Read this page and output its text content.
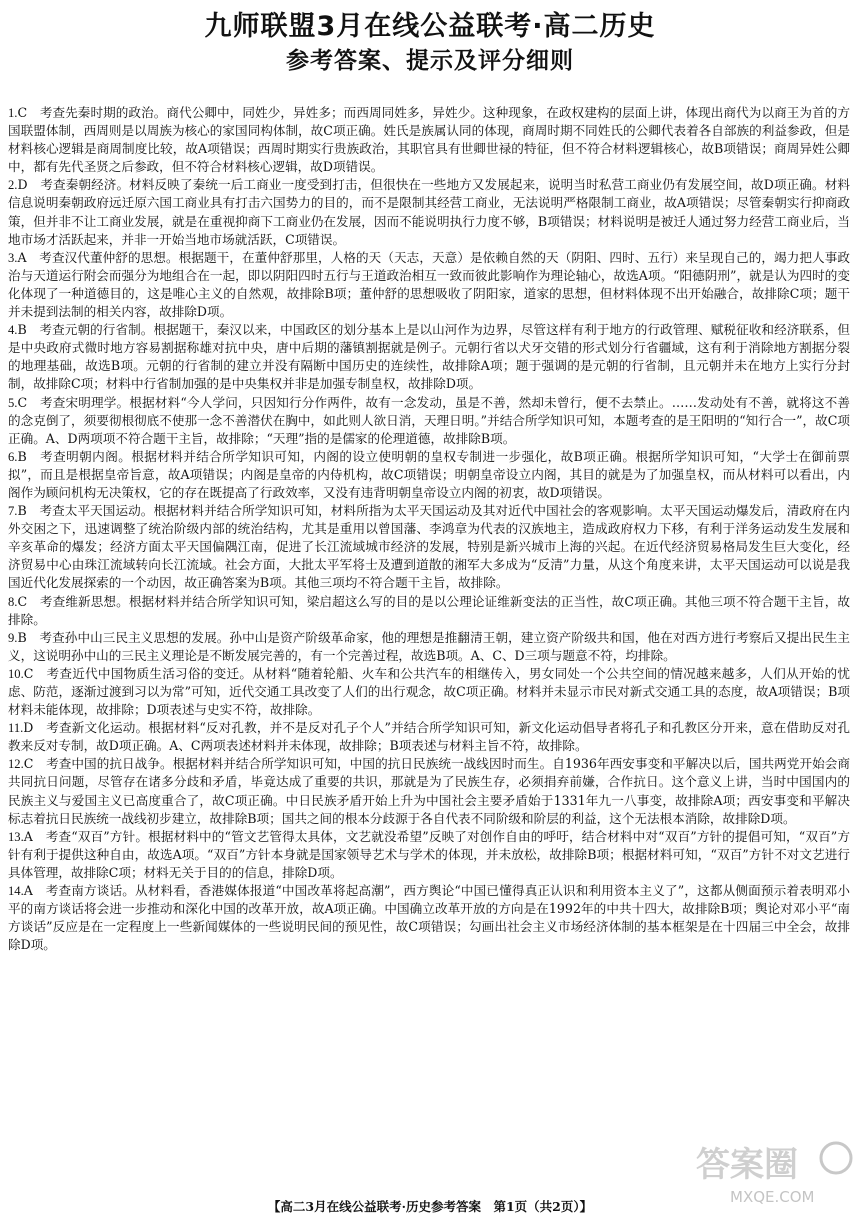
九师联盟3月在线公益联考·高二历史
参考答案、提示及评分细则

1.C　考查先秦时期的政治。商代公卿中，同姓少，异姓多；而西周同姓多，异姓少。这种现象，在政权建构的层面上讲，体现出商代为以商王为首的方国联盟体制，西周则是以周族为核心的家国同构体制，故C项正确。姓氏是族属认同的体现，商周时期不同姓氏的公卿代表着各自部族的利益参政，但是材料核心逻辑是商周制度比较，故A项错误；西周时期实行贵族政治，其职官具有世卿世禄的特征，但不符合材料逻辑核心，故B项错误；商周异姓公卿中，都有先代圣贤之后参政，但不符合材料核心逻辑，故D项错误。

2.D　考查秦朝经济。材料反映了秦统一后工商业一度受到打击，但很快在一些地方又发展起来，说明当时私营工商业仍有发展空间，故D项正确。材料信息说明秦朝政府远迁原六国工商业具有打击六国势力的目的，而不是限制其经营工商业，无法说明严格限制工商业，故A项错误；尽管秦朝实行抑商政策，但并非不让工商业发展，就是在重视抑商下工商业仍在发展，因而不能说明执行力度不够，B项错误；材料说明是被迁人通过努力经营工商业后，当地市场才活跃起来，并非一开始当地市场就活跃，C项错误。

3.A　考查汉代董仲舒的思想。根据题干，在董仲舒那里，人格的天（天志，天意）是依赖自然的天（阴阳、四时、五行）来呈现自己的，竭力把人事政治与天道运行附会而强分为地组合在一起，即以阴阳四时五行与王道政治相互一致而彼此影响作为理论轴心，故选A项。“阳德阴刑”，就是认为四时的变化体现了一种道德目的，这是唯心主义的自然观，故排除B项；董仲舒的思想吸收了阴阳家，道家的思想，但材料体现不出开始融合，故排除C项；题干并未提到法制的相关内容，故排除D项。

4.B　考查元朝的行省制。根据题干，秦汉以来，中国政区的划分基本上是以山河作为边界，尽管这样有利于地方的行政管理、赋税征收和经济联系，但是中央政府式微时地方容易割据称雄对抗中央，唐中后期的藩镇割据就是例子。元朝行省以犬牙交错的形式划分行省疆域，这有利于消除地方割据分裂的地理基础，故选B项。元朝的行省制的建立并没有隔断中国历史的连续性，故排除A项；题于强调的是元朝的行省制，且元朝并未在地方上实行分封制，故排除C项；材料中行省制加强的是中央集权并非是加强专制皇权，故排除D项。

5.C　考查宋明理学。根据材料“今人学问，只因知行分作两件，故有一念发动，虽是不善，然却未曾行，便不去禁止。……发动处有不善，就将这不善的念克倒了，须要彻根彻底不使那一念不善潜伏在胸中，如此则人欲日消，天理日明。”并结合所学知识可知，本题考查的是王阳明的“知行合一”，故C项正确。A、D两项项不符合题干主旨，故排除；“天理”指的是儒家的伦理道德，故排除B项。

6.B　考查明朝内阁。根据材料并结合所学知识可知，内阁的设立使明朝的皇权专制进一步强化，故B项正确。根据所学知识可知，“大学士在御前票拟”，而且是根据皇帝旨意，故A项错误；内阁是皇帝的内侍机构，故C项错误；明朝皇帝设立内阁，其目的就是为了加强皇权，而从材料可以看出，内阁作为顾问机构无决策权，它的存在既提高了行政效率，又没有违背明朝皇帝设立内阁的初衷，故D项错误。

7.B　考查太平天国运动。根据材料并结合所学知识可知，材料所指为太平天国运动及其对近代中国社会的客观影响。太平天国运动爆发后，清政府在内外交困之下，迅速调整了统治阶级内部的统治结构，尤其是重用以曾国藩、李鸿章为代表的汉族地主，造成政府权力下移，有利于洋务运动发生发展和辛亥革命的爆发；经济方面太平天国偏隅江南，促进了长江流域城市经济的发展，特别是新兴城市上海的兴起。在近代经济贸易格局发生巨大变化，经济贸易中心由珠江流域转向长江流域。社会方面，大批太平军将士及遭到道散的湘军大多成为“反清”力量，从这个角度来讲，太平天国运动可以说是我国近代化发展探索的一个动因，故正确答案为B项。其他三项均不符合题干主旨，故排除。

8.C　考查维新思想。根据材料并结合所学知识可知，梁启超这么写的目的是以公理论证维新变法的正当性，故C项正确。其他三项不符合题干主旨，故排除。

9.B　考查孙中山三民主义思想的发展。孙中山是资产阶级革命家，他的理想是推翻清王朝，建立资产阶级共和国，他在对西方进行考察后又提出民生主义，这说明孙中山的三民主义理论是不断发展完善的，有一个完善过程，故选B项。A、C、D三项与题意不符，均排除。

10.C　考查近代中国物质生活习俗的变迁。从材料“随着轮船、火车和公共汽车的相继传入，男女同处一个公共空间的情况越来越多，人们从开始的忧虑、防范，逐渐过渡到习以为常”可知，近代交通工具改变了人们的出行观念，故C项正确。材料并未显示市民对新式交通工具的态度，故A项错误；B项材料未能体现，故排除；D项表述与史实不符，故排除。

11.D　考查新文化运动。根据材料“反对孔教，并不是反对孔子个人”并结合所学知识可知，新文化运动倡导者将孔子和孔教区分开来，意在借助反对孔教来反对专制，故D项正确。A、C两项表述材料并未体现，故排除；B项表述与材料主旨不符，故排除。

12.C　考查中国的抗日战争。根据材料并结合所学知识可知，中国的抗日民族统一战线因时而生。自1936年西安事变和平解决以后，国共两党开始会商共同抗日问题，尽管存在诸多分歧和矛盾，毕竟达成了重要的共识，那就是为了民族生存，必须捐弃前嫌，合作抗日。这个意义上讲，当时中国国内的民族主义与爱国主义已高度重合了，故C项正确。中日民族矛盾开始上升为中国社会主要矛盾始于1331年九一八事变，故排除A项；西安事变和平解决标志着抗日民族统一战线初步建立，故排除B项；国共之间的根本分歧源于各自代表不同阶级和阶层的利益，这个无法根本消除，故排除D项。

13.A　考查“双百”方针。根据材料中的“管文艺管得太具体，文艺就没希望”反映了对创作自由的呼吁，结合材料中对“双百”方针的提倡可知，“双百”方针有利于提供这种自由，故选A项。“双百”方针本身就是国家领导艺术与学术的体现，并未放松，故排除B项；根据材料可知，“双百”方针不对文艺进行具体管理，故排除C项；材料无关于目的的信息，排除D项。

14.A　考查南方谈话。从材料看，香港媒体报道“中国改革将起高潮”，西方舆论“中国已懂得真正认识和利用资本主义了”，这都从侧面预示着表明邓小平的南方谈话将会进一步推动和深化中国的改革开放，故A项正确。中国确立改革开放的方向是在1992年的中共十四大，故排除B项；舆论对邓小平“南方谈话”反应是在一定程度上一些新闻媒体的一些说明民间的预见性，故C项错误；勾画出社会主义市场经济体制的基本框架是在十四届三中全会，故排除D项。

答案圈
MXQE.COM
【高二3月在线公益联考·历史参考答案　第1页（共2页）】
